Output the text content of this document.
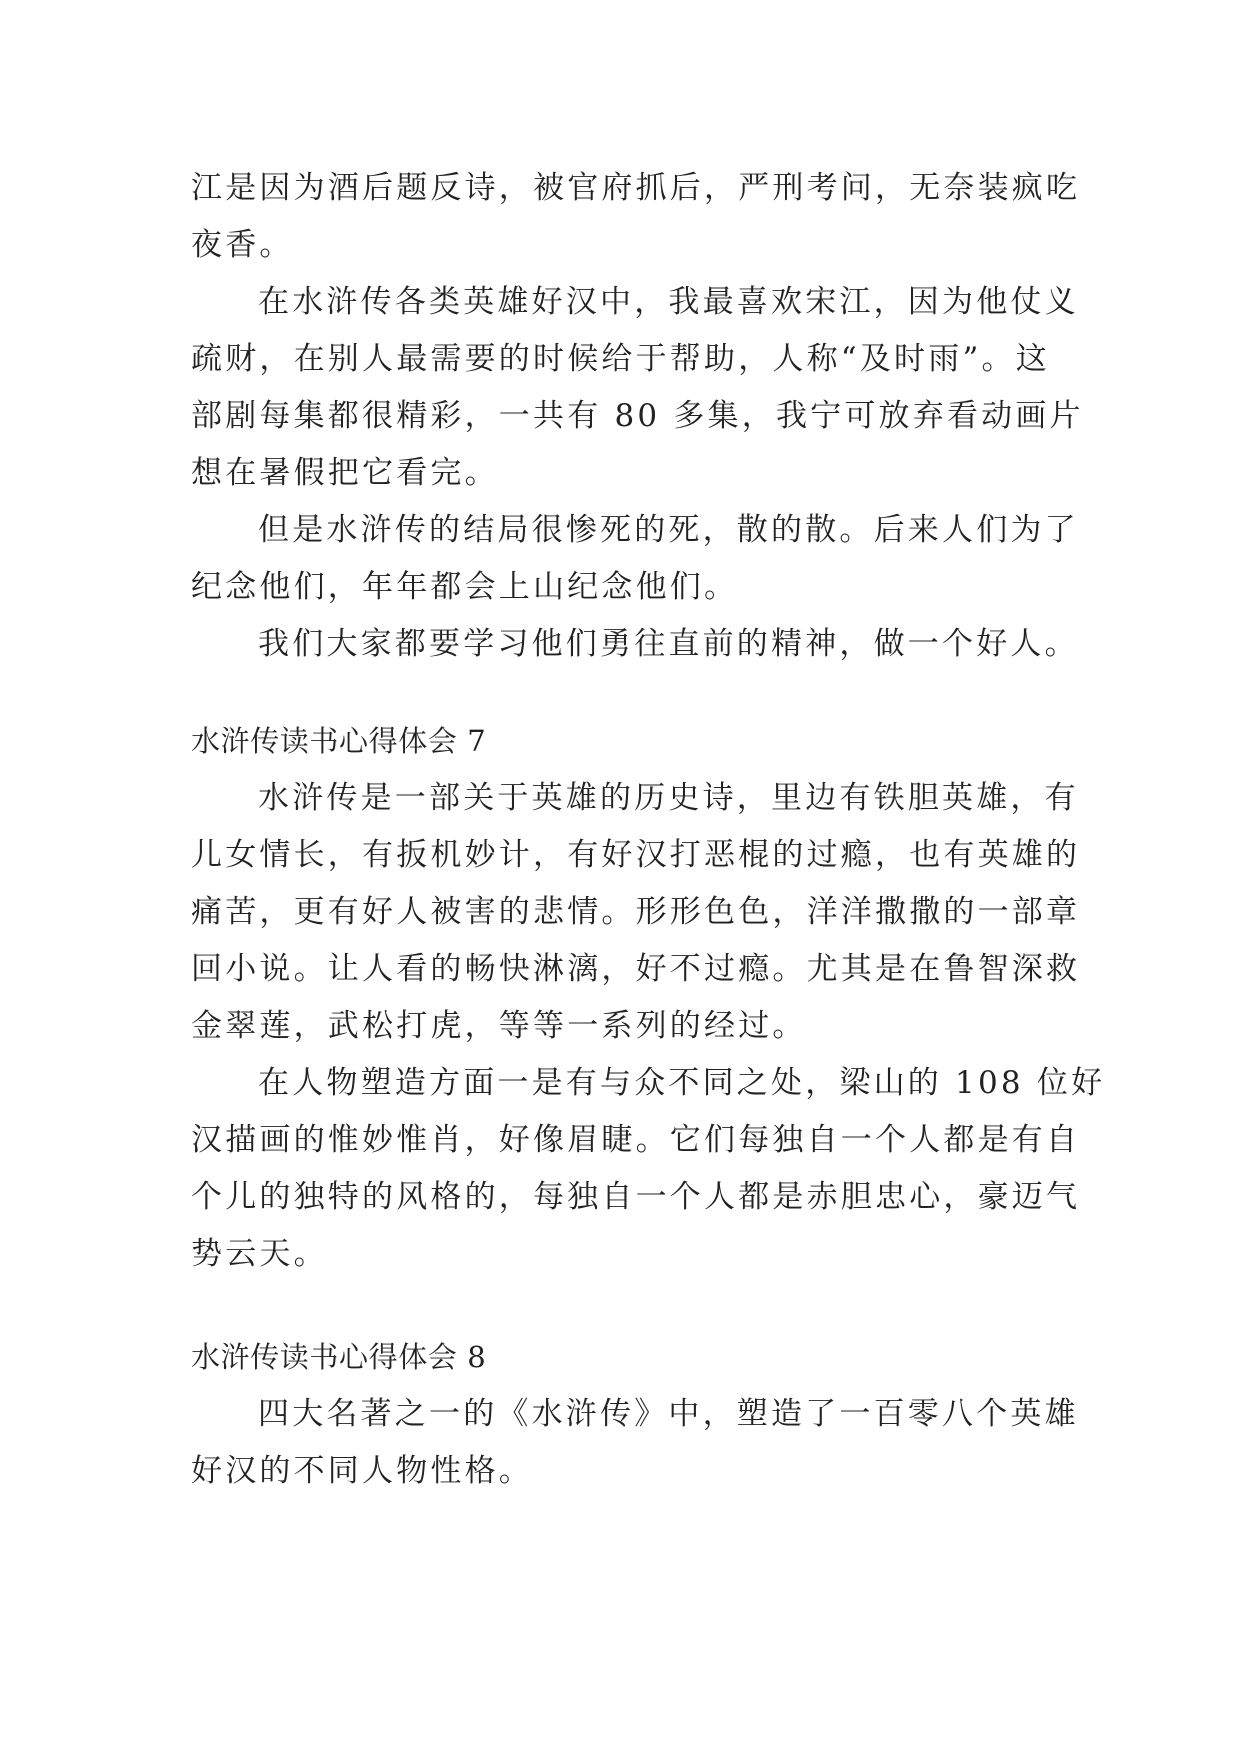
江是因为酒后题反诗，被官府抓后，严刑考问，无奈装疯吃
夜香。
在水浒传各类英雄好汉中，我最喜欢宋江，因为他仗义
疏财，在别人最需要的时候给于帮助，人称“及时雨”。这
部剧每集都很精彩，一共有 80 多集，我宁可放弃看动画片
想在暑假把它看完。
但是水浒传的结局很惨死的死，散的散。后来人们为了
纪念他们，年年都会上山纪念他们。
我们大家都要学习他们勇往直前的精神，做一个好人。
水浒传读书心得体会 7
水浒传是一部关于英雄的历史诗，里边有铁胆英雄，有
儿女情长，有扳机妙计，有好汉打恶棍的过瘾，也有英雄的
痛苦，更有好人被害的悲情。形形色色，洋洋撒撒的一部章
回小说。让人看的畅快淋漓，好不过瘾。尤其是在鲁智深救
金翠莲，武松打虎，等等一系列的经过。
在人物塑造方面一是有与众不同之处，梁山的 108 位好
汉描画的惟妙惟肖，好像眉睫。它们每独自一个人都是有自
个儿的独特的风格的，每独自一个人都是赤胆忠心，豪迈气
势云天。
水浒传读书心得体会 8
四大名著之一的《水浒传》中，塑造了一百零八个英雄
好汉的不同人物性格。
